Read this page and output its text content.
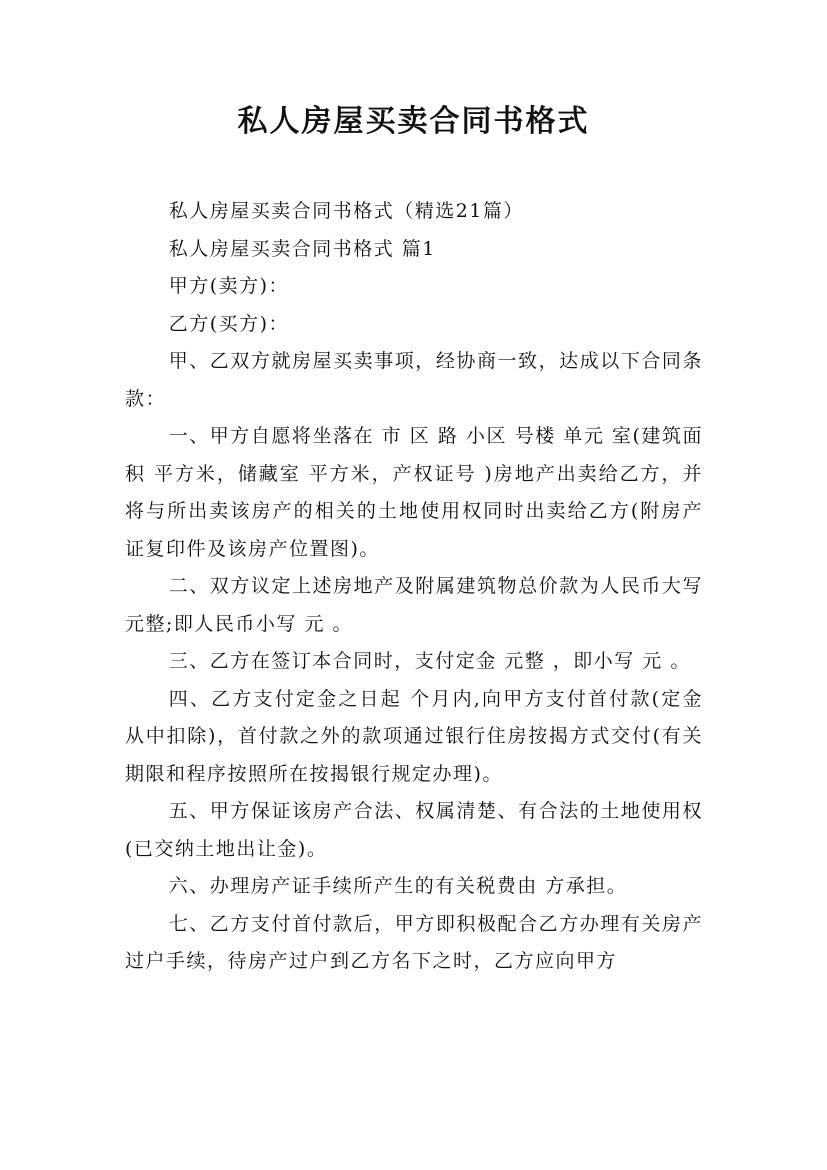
私人房屋买卖合同书格式

私人房屋买卖合同书格式（精选21篇）

私人房屋买卖合同书格式 篇1

甲方(卖方)：

乙方(买方)：

甲、乙双方就房屋买卖事项，经协商一致，达成以下合同条款：

一、甲方自愿将坐落在 市 区 路 小区 号楼 单元 室(建筑面积 平方米，储藏室 平方米，产权证号 )房地产出卖给乙方，并将与所出卖该房产的相关的土地使用权同时出卖给乙方(附房产证复印件及该房产位置图)。

二、双方议定上述房地产及附属建筑物总价款为人民币大写 元整;即人民币小写 元 。

三、乙方在签订本合同时，支付定金 元整 ，即小写 元 。

四、乙方支付定金之日起 个月内,向甲方支付首付款(定金从中扣除)，首付款之外的款项通过银行住房按揭方式交付(有关期限和程序按照所在按揭银行规定办理)。

五、甲方保证该房产合法、权属清楚、有合法的土地使用权(已交纳土地出让金)。

六、办理房产证手续所产生的有关税费由 方承担。

七、乙方支付首付款后，甲方即积极配合乙方办理有关房产过户手续，待房产过户到乙方名下之时，乙方应向甲方
